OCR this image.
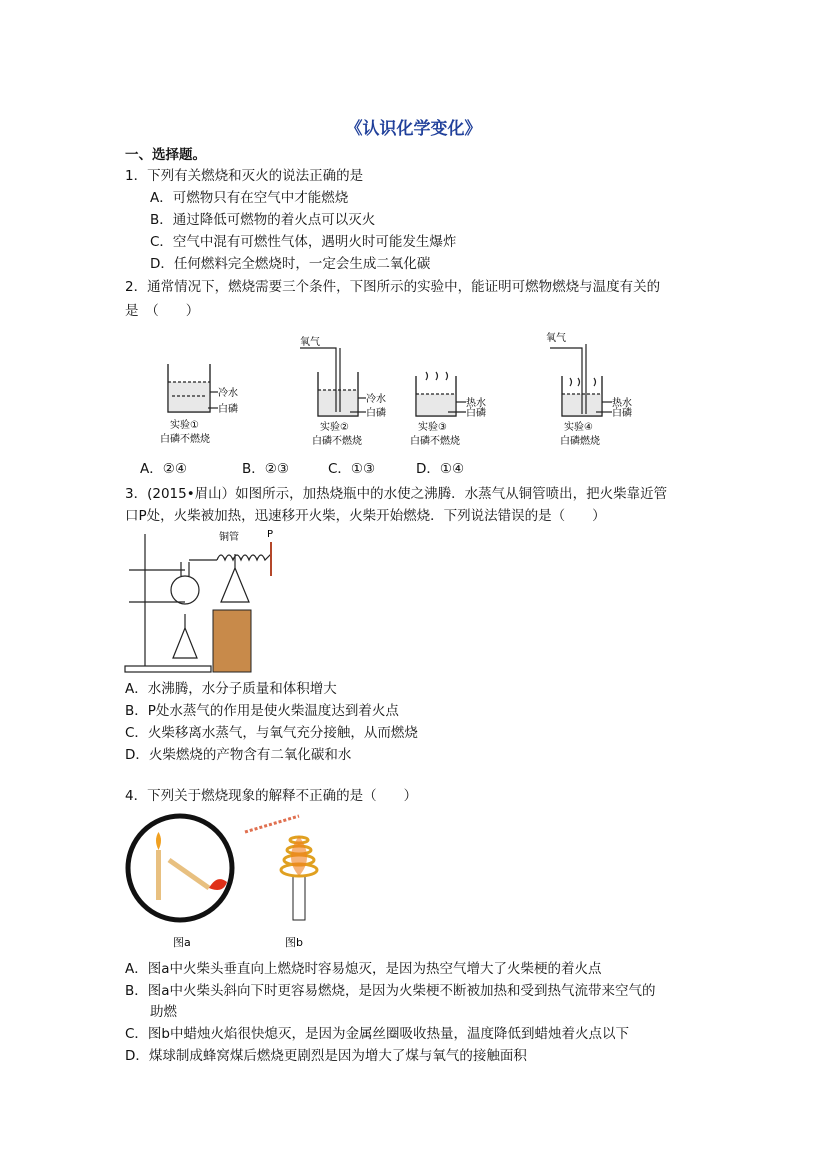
《认识化学变化》
一、选择题。
1．下列有关燃烧和灭火的说法正确的是
A．可燃物只有在空气中才能燃烧
B．通过降低可燃物的着火点可以灭火
C．空气中混有可燃性气体，遇明火时可能发生爆炸
D．任何燃料完全燃烧时，一定会生成二氧化碳
2．通常情况下，燃烧需要三个条件，下图所示的实验中，能证明可燃物燃烧与温度有关的
是　（　　）
氧气	氧气
冷水
白磷
冷水
白磷
热水
白磷
热水
白磷
实验①
白磷不燃烧
实验②
白磷不燃烧
实验③
白磷不燃烧
实验④
白磷燃烧
A．②④	B．②③	C．①③	D．①④
3．(2015•眉山）如图所示，加热烧瓶中的水使之沸腾．水蒸气从铜管喷出，把火柴靠近管
口P处，火柴被加热，迅速移开火柴，火柴开始燃烧．下列说法错误的是（　　）
铜管	P
A．水沸腾，水分子质量和体积增大
B．P处水蒸气的作用是使火柴温度达到着火点
C．火柴移离水蒸气，与氧气充分接触，从而燃烧
D．火柴燃烧的产物含有二氧化碳和水
4．下列关于燃烧现象的解释不正确的是（　　）
图a	图b
A．图a中火柴头垂直向上燃烧时容易熄灭，是因为热空气增大了火柴梗的着火点
B．图a中火柴头斜向下时更容易燃烧，是因为火柴梗不断被加热和受到热气流带来空气的
助燃
C．图b中蜡烛火焰很快熄灭，是因为金属丝圈吸收热量，温度降低到蜡烛着火点以下
D．煤球制成蜂窝煤后燃烧更剧烈是因为增大了煤与氧气的接触面积
